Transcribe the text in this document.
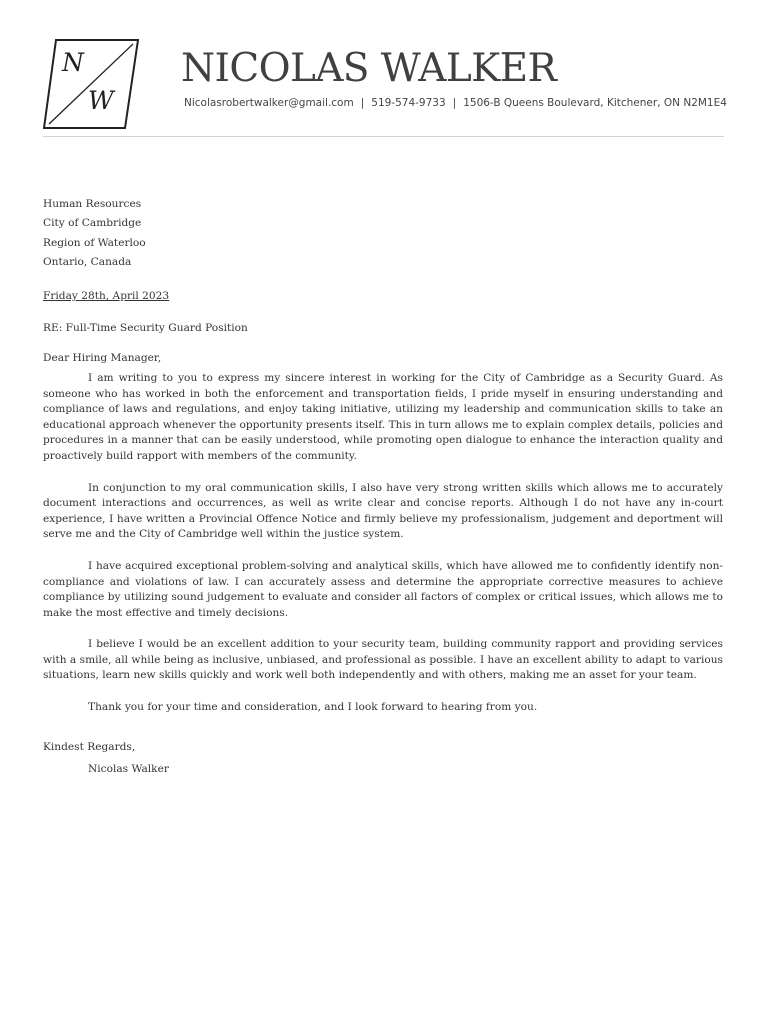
N
W
NICOLAS WALKER
Nicolasrobertwalker@gmail.com | 519-574-9733 | 1506-B Queens Boulevard, Kitchener, ON N2M1E4

Human Resources

City of Cambridge

Region of Waterloo

Ontario, Canada

Friday 28th, April 2023

RE: Full-Time Security Guard Position

Dear Hiring Manager,

I am writing to you to express my sincere interest in working for the City of Cambridge as a Security Guard. As someone who has worked in both the enforcement and transportation fields, I pride myself in ensuring understanding and compliance of laws and regulations, and enjoy taking initiative, utilizing my leadership and communication skills to take an educational approach whenever the opportunity presents itself. This in turn allows me to explain complex details, policies and procedures in a manner that can be easily understood, while promoting open dialogue to enhance the interaction quality and proactively build rapport with members of the community.

In conjunction to my oral communication skills, I also have very strong written skills which allows me to accurately document interactions and occurrences, as well as write clear and concise reports. Although I do not have any in-court experience, I have written a Provincial Offence Notice and firmly believe my professionalism, judgement and deportment will serve me and the City of Cambridge well within the justice system.

I have acquired exceptional problem-solving and analytical skills, which have allowed me to confidently identify non-compliance and violations of law. I can accurately assess and determine the appropriate corrective measures to achieve compliance by utilizing sound judgement to evaluate and consider all factors of complex or critical issues, which allows me to make the most effective and timely decisions.

I believe I would be an excellent addition to your security team, building community rapport and providing services with a smile, all while being as inclusive, unbiased, and professional as possible. I have an excellent ability to adapt to various situations, learn new skills quickly and work well both independently and with others, making me an asset for your team.

Thank you for your time and consideration, and I look forward to hearing from you.

Kindest Regards,

Nicolas Walker
